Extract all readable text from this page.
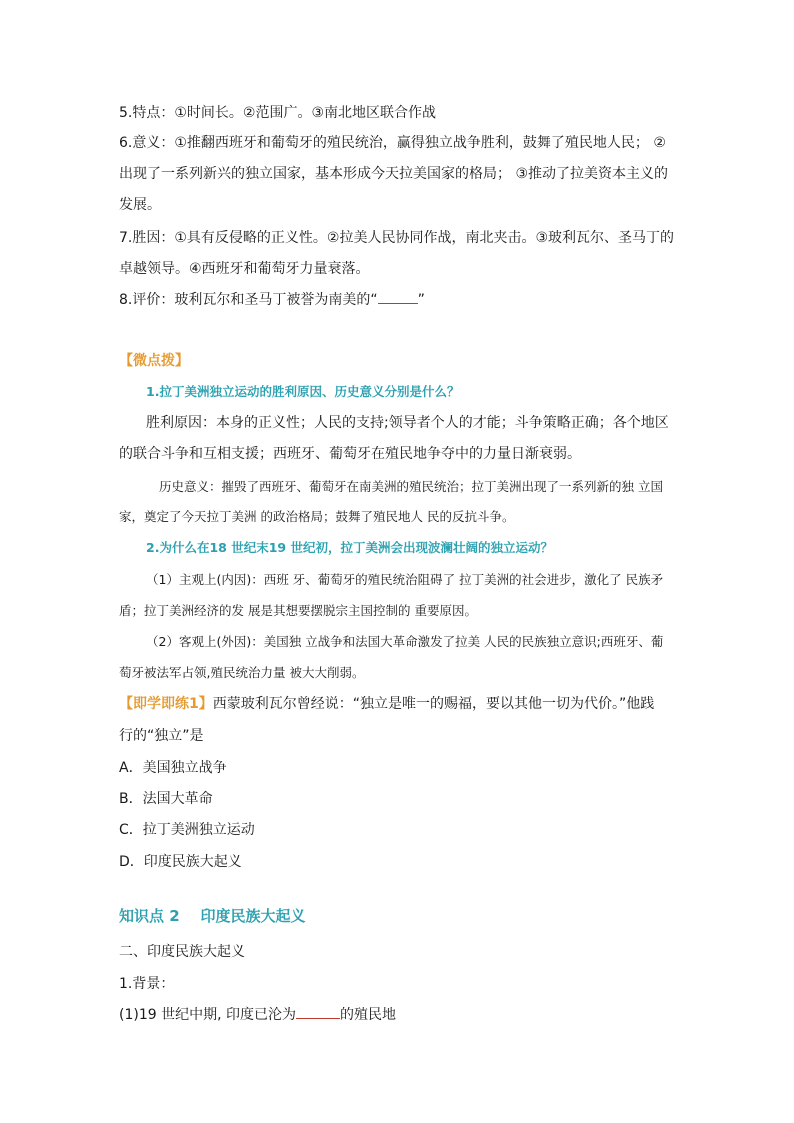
5.特点：①时间长。②范围广。③南北地区联合作战
6.意义：①推翻西班牙和葡萄牙的殖民统治，赢得独立战争胜利，鼓舞了殖民地人民； ②
出现了一系列新兴的独立国家，基本形成今天拉美国家的格局； ③推动了拉美资本主义的
发展。
7.胜因：①具有反侵略的正义性。②拉美人民协同作战，南北夹击。③玻利瓦尔、圣马丁的
卓越领导。④西班牙和葡萄牙力量衰落。
8.评价：玻利瓦尔和圣马丁被誉为南美的“	”
【微点拨】
1.拉丁美洲独立运动的胜利原因、历史意义分别是什么？
胜利原因：本身的正义性；人民的支持;领导者个人的才能；斗争策略正确；各个地区
的联合斗争和互相支援；西班牙、葡萄牙在殖民地争夺中的力量日渐衰弱。
历史意义：摧毁了西班牙、葡萄牙在南美洲的殖民统治；拉丁美洲出现了一系列新的独 立国
家，奠定了今天拉丁美洲 的政治格局；鼓舞了殖民地人 民的反抗斗争。
2.为什么在18 世纪末19 世纪初，拉丁美洲会出现波澜壮阔的独立运动？
（1）主观上(内因)：西班 牙、葡萄牙的殖民统治阻碍了 拉丁美洲的社会进步，激化了 民族矛
盾；拉丁美洲经济的发 展是其想要摆脱宗主国控制的 重要原因。
（2）客观上(外因)：美国独 立战争和法国大革命激发了拉美 人民的民族独立意识;西班牙、葡
萄牙被法军占领,殖民统治力量 被大大削弱。
【即学即练1】西蒙玻利瓦尔曾经说：“独立是唯一的赐福，要以其他一切为代价。”他践
行的“独立”是
A．美国独立战争
B．法国大革命
C．拉丁美洲独立运动
D．印度民族大起义
知识点 2    印度民族大起义
二、印度民族大起义
1.背景：
(1)19 世纪中期, 印度已沦为	的殖民地
